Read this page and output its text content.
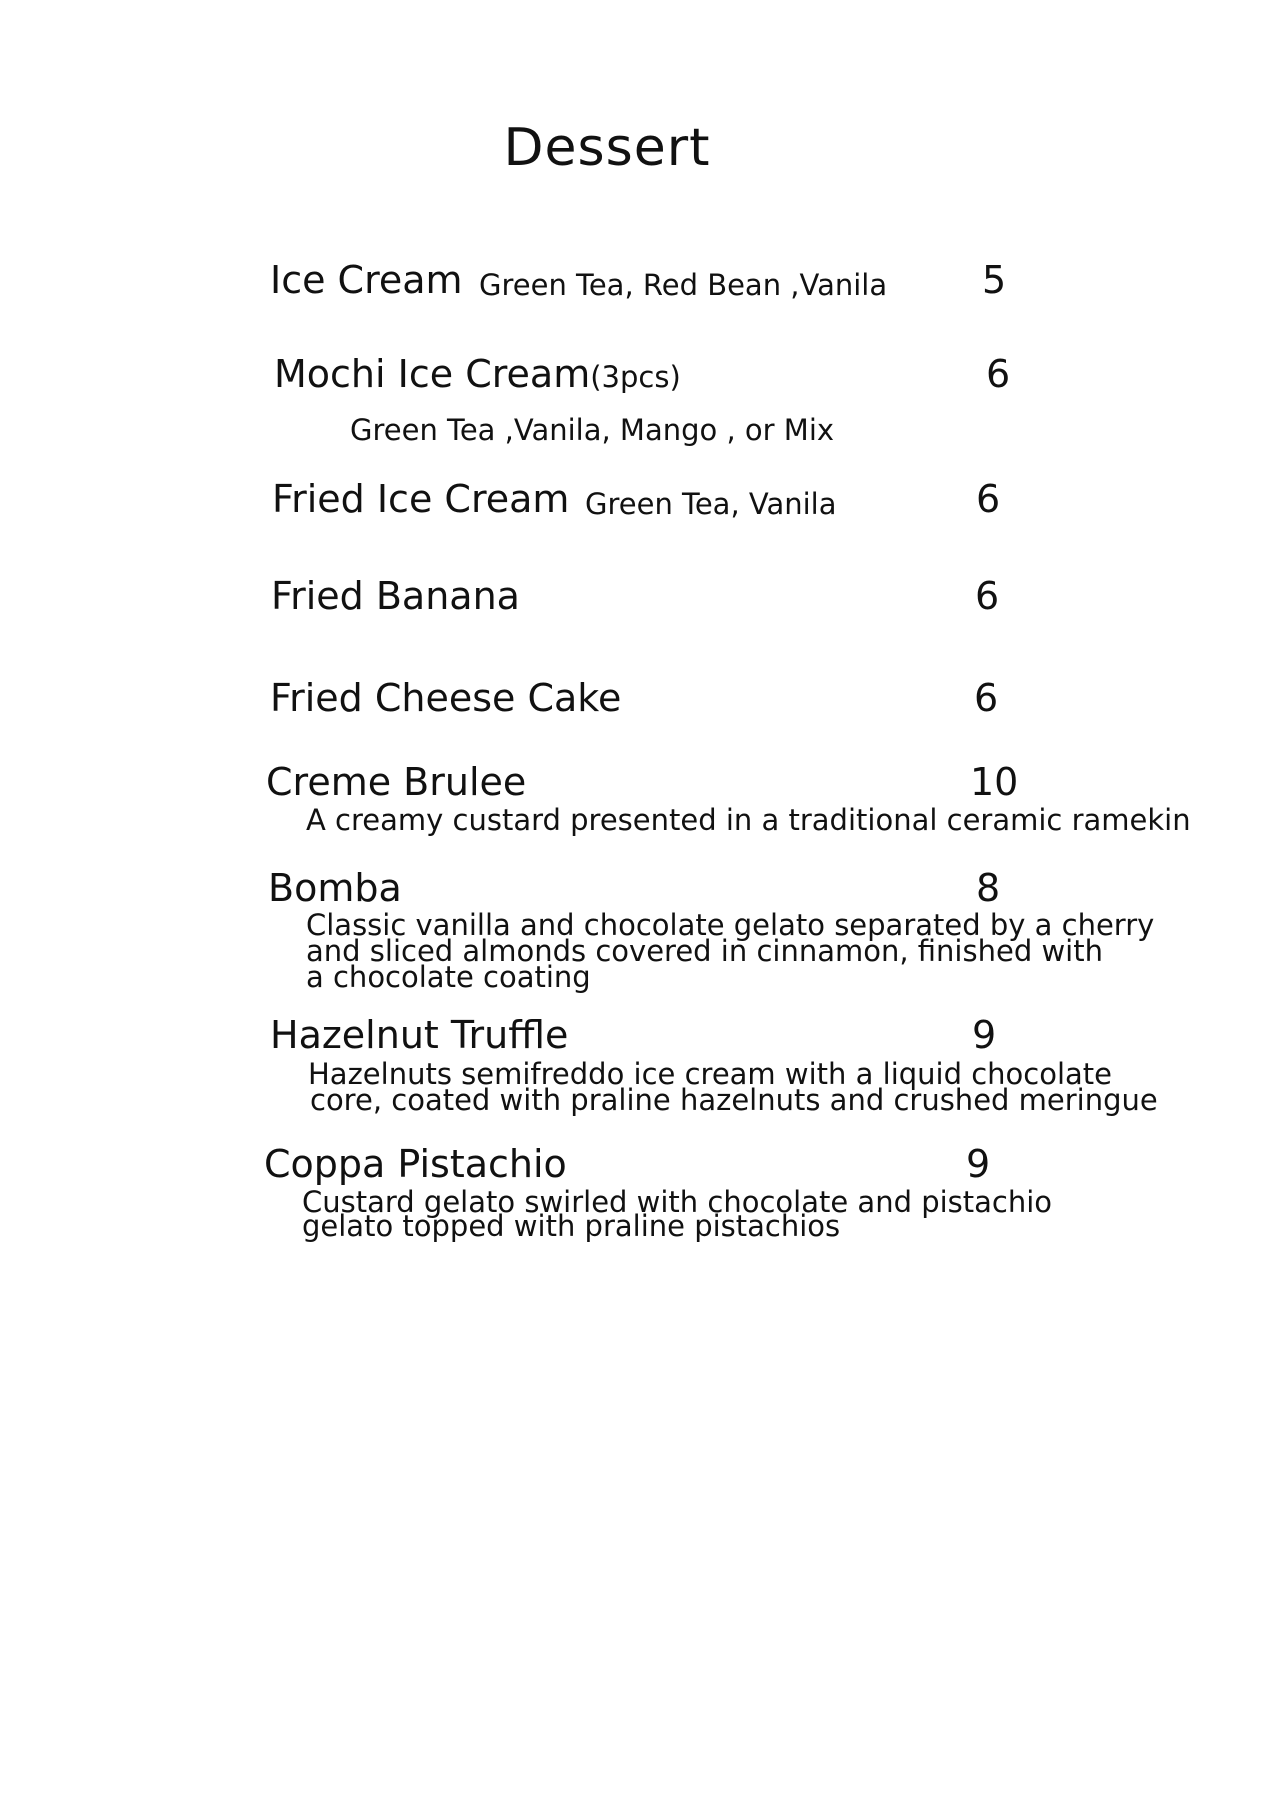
Dessert
Ice Cream Green Tea, Red Bean ,Vanila 5
Mochi Ice Cream(3pcs)	6
Green Tea ,Vanila, Mango , or Mix
Fried Ice Cream Green Tea, Vanila	6
Fried Banana	6
Fried Cheese Cake	6
Creme Brulee	10
A creamy custard presented in a traditional ceramic ramekin
Bomba	8
Classic vanilla and chocolate gelato separated by a cherry
and sliced almonds covered in cinnamon, finished with
a chocolate coating
Hazelnut Truffle	9
Hazelnuts semifreddo ice cream with a liquid chocolate
core, coated with praline hazelnuts and crushed meringue
Coppa Pistachio	9
Custard gelato swirled with chocolate and pistachio
gelato topped with praline pistachios
